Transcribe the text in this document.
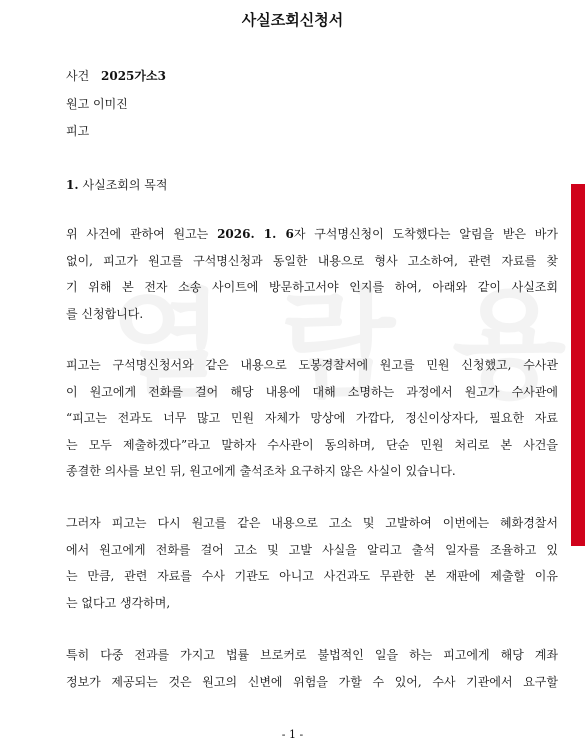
사실조회신청서
사건 2025가소3
원고 이미진
피고
1. 사실조회의 목적
위 사건에 관하여 원고는 2026. 1. 6자 구석명신청이 도착했다는 알림을 받은 바가
없이, 피고가 원고를 구석명신청과 동일한 내용으로 형사 고소하여, 관련 자료를 찾
기 위해 본 전자 소송 사이트에 방문하고서야 인지를 하여, 아래와 같이 사실조회
를 신청합니다.
피고는 구석명신청서와 같은 내용으로 도봉경찰서에 원고를 민원 신청했고, 수사관
이 원고에게 전화를 걸어 해당 내용에 대해 소명하는 과정에서 원고가 수사관에
“피고는 전과도 너무 많고 민원 자체가 망상에 가깝다, 정신이상자다, 필요한 자료
는 모두 제출하겠다”라고 말하자 수사관이 동의하며, 단순 민원 처리로 본 사건을
종결한 의사를 보인 뒤, 원고에게 출석조차 요구하지 않은 사실이 있습니다.
그러자 피고는 다시 원고를 같은 내용으로 고소 및 고발하여 이번에는 혜화경찰서
에서 원고에게 전화를 걸어 고소 및 고발 사실을 알리고 출석 일자를 조율하고 있
는 만큼, 관련 자료를 수사 기관도 아니고 사건과도 무관한 본 재판에 제출할 이유
는 없다고 생각하며,
특히 다중 전과를 가지고 법률 브로커로 불법적인 일을 하는 피고에게 해당 계좌
정보가 제공되는 것은 원고의 신변에 위험을 가할 수 있어, 수사 기관에서 요구할
- 1 -
